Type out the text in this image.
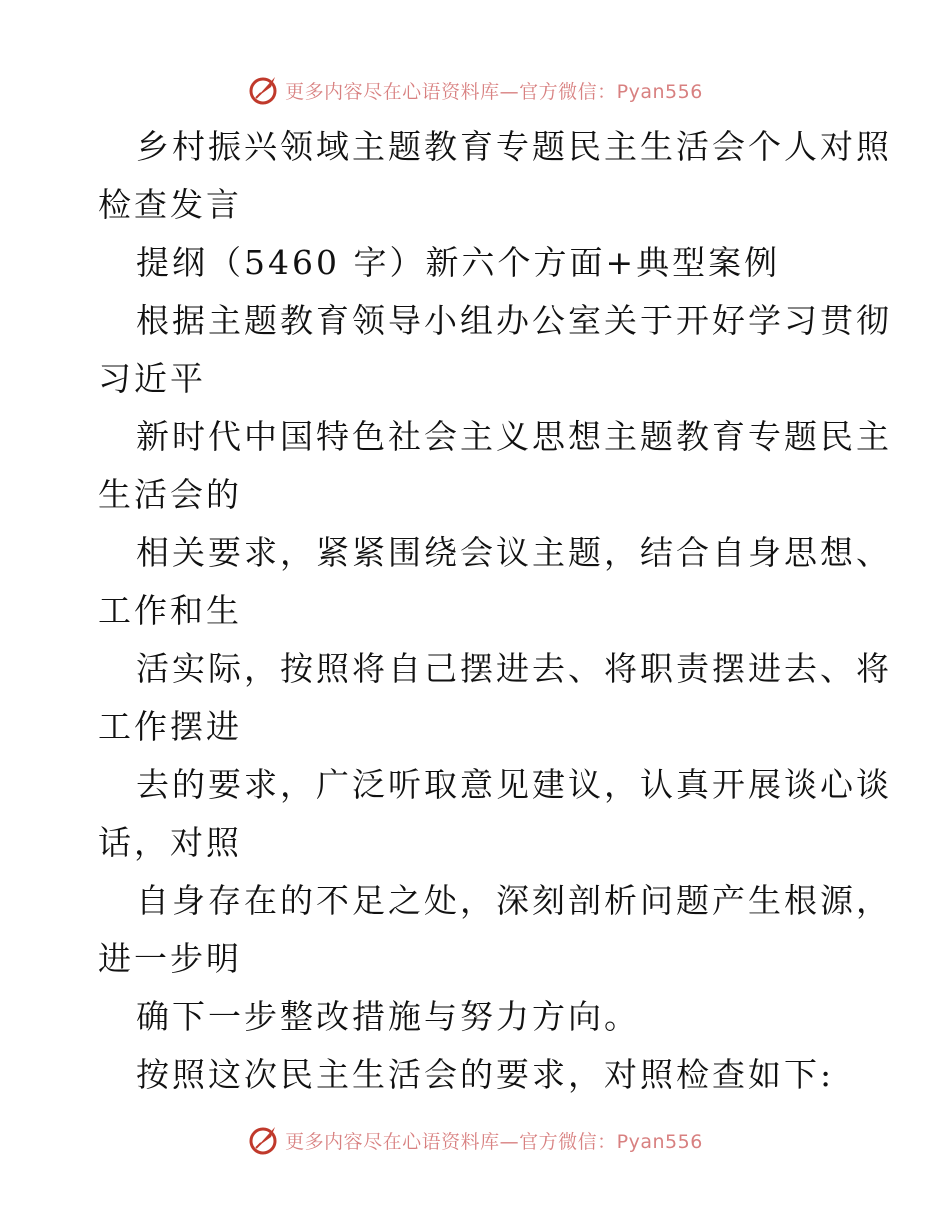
更多内容尽在心语资料库—官方微信：Pyan556
乡村振兴领域主题教育专题民主生活会个人对照
检查发言
提纲（5460 字）新六个方面+典型案例
根据主题教育领导小组办公室关于开好学习贯彻
习近平
新时代中国特色社会主义思想主题教育专题民主
生活会的
相关要求，紧紧围绕会议主题，结合自身思想、
工作和生
活实际，按照将自己摆进去、将职责摆进去、将
工作摆进
去的要求，广泛听取意见建议，认真开展谈心谈
话，对照
自身存在的不足之处，深刻剖析问题产生根源，
进一步明
确下一步整改措施与努力方向。
按照这次民主生活会的要求，对照检查如下:
更多内容尽在心语资料库—官方微信：Pyan556
